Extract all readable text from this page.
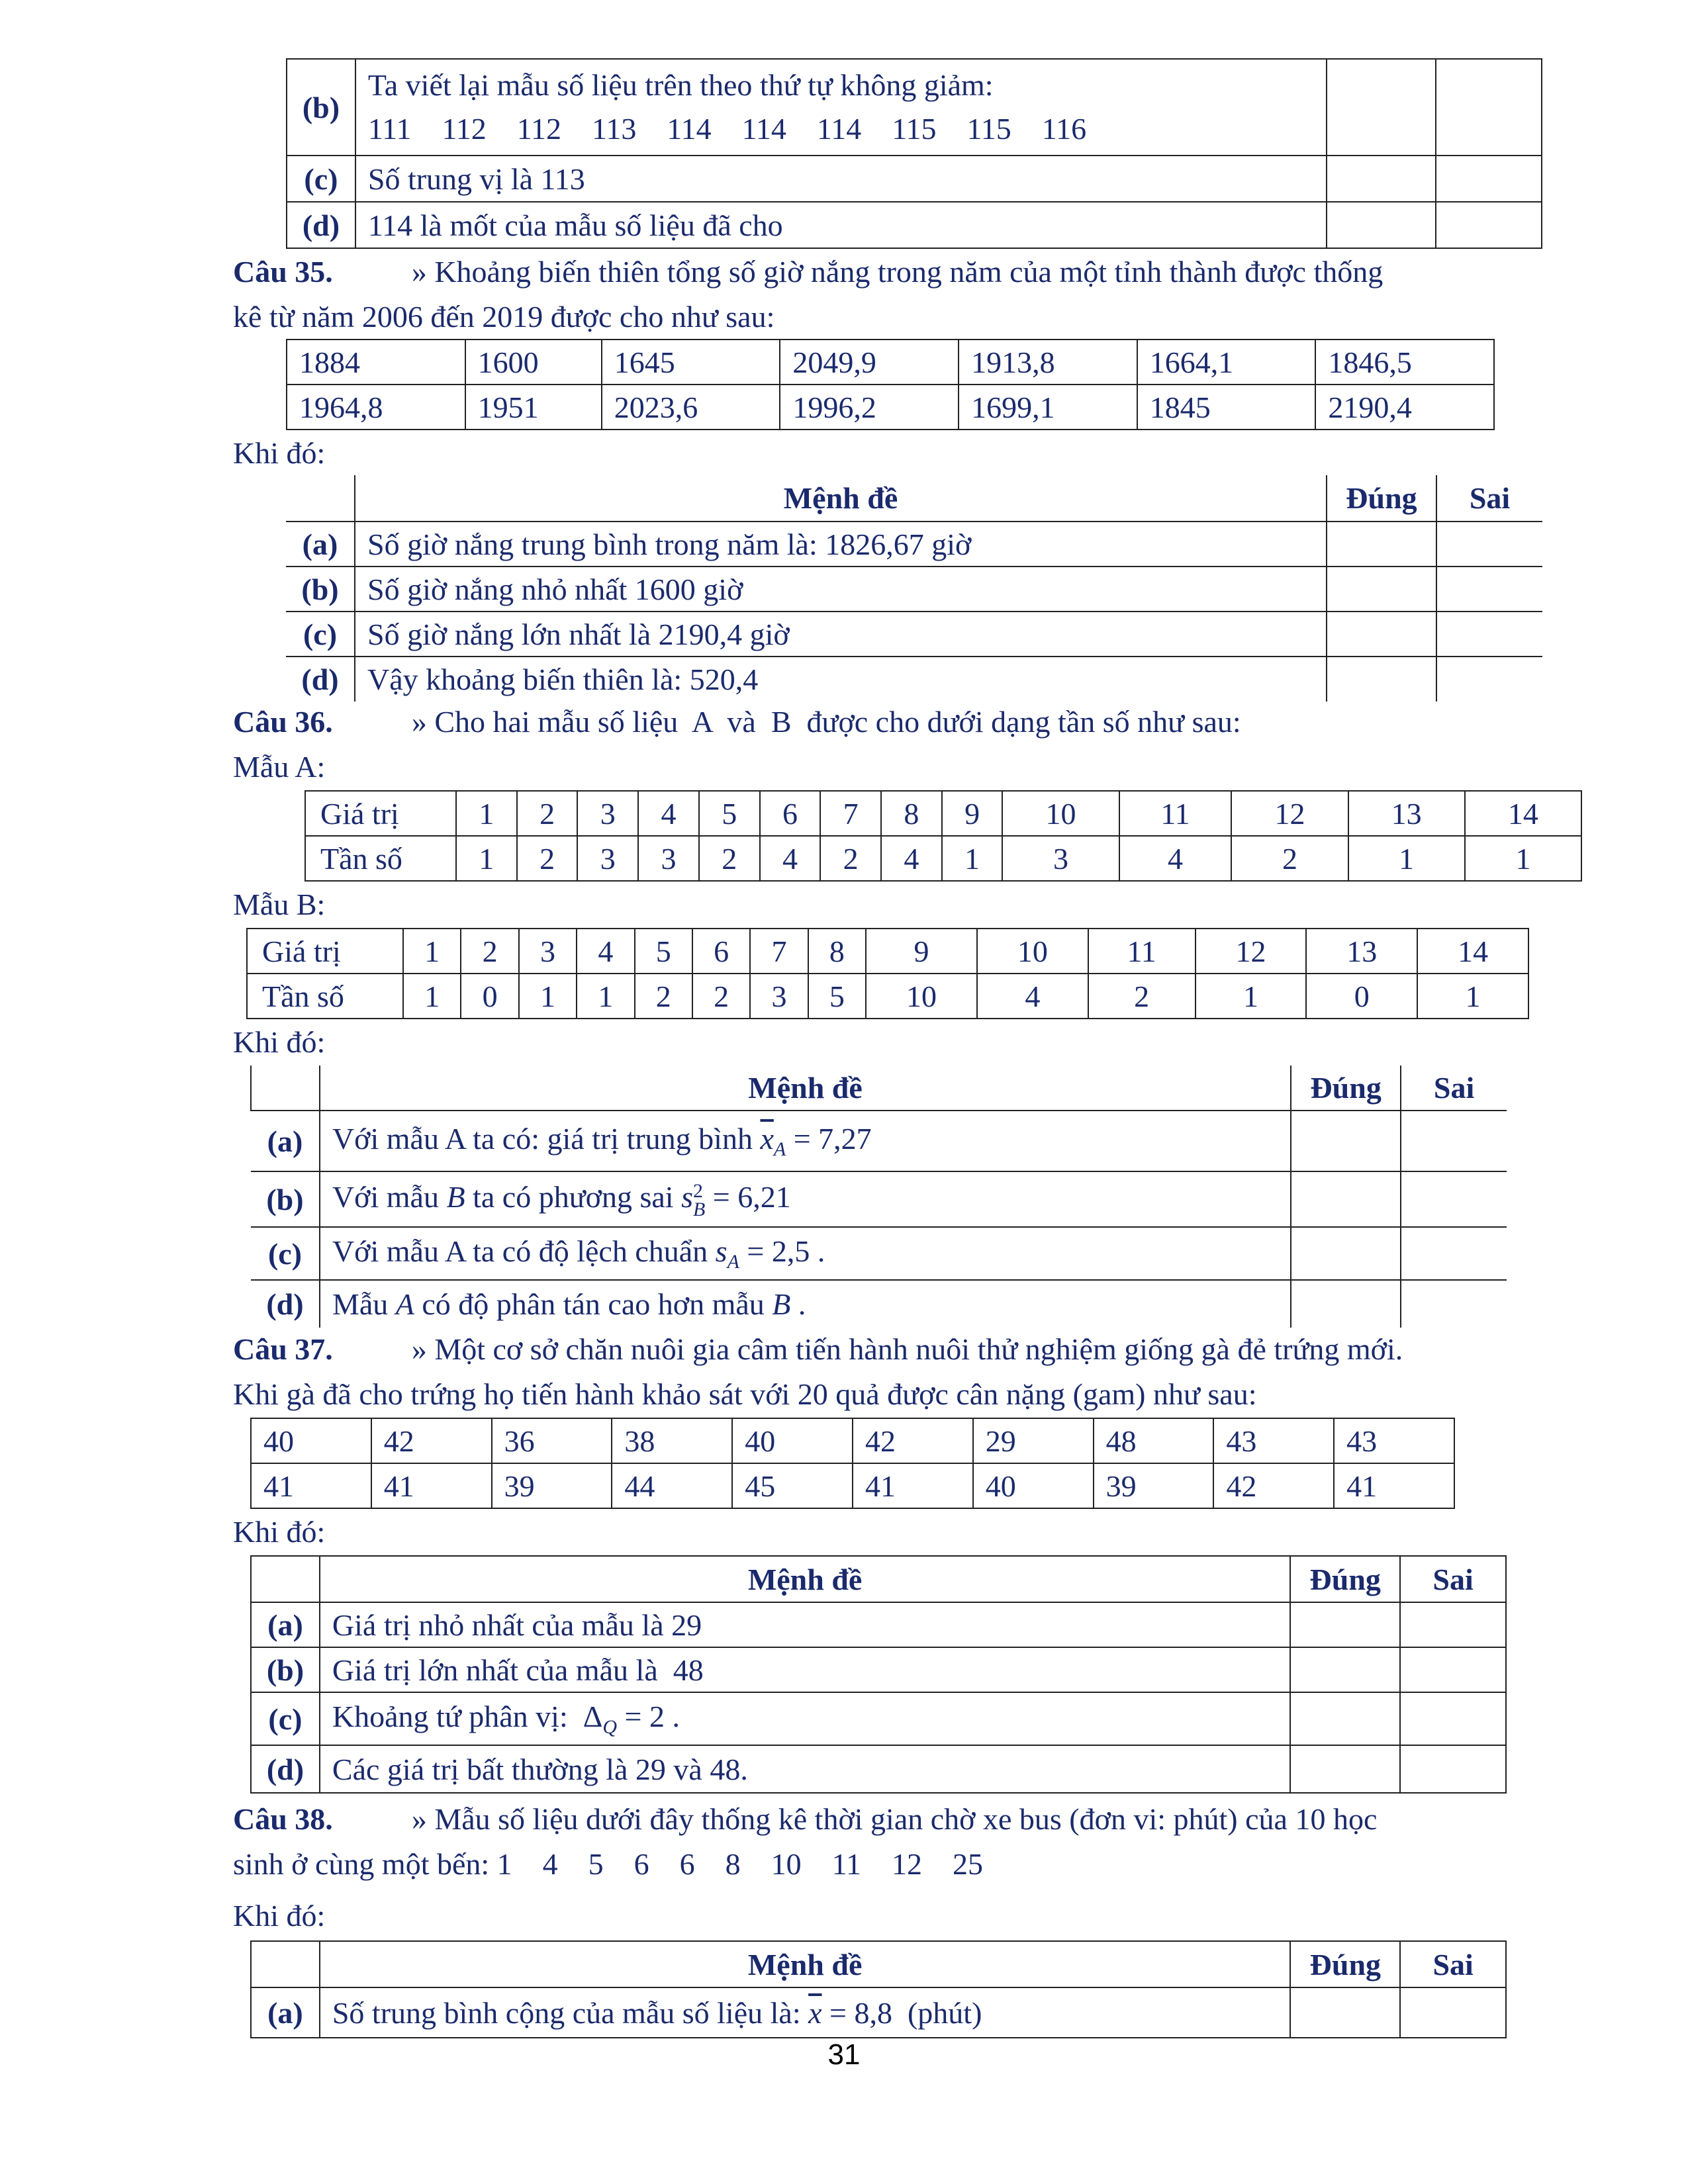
(b)	Ta viết lại mẫu số liệu trên theo thứ tự không giảm:
111    112    112    113    114    114    114    115    115    116		

(c)	Số trung vị là 113		
(d)	114 là mốt của mẫu số liệu đã cho		
Câu 35.	» Khoảng biến thiên tổng số giờ nắng trong năm của một tỉnh thành được thống
kê từ năm 2006 đến 2019 được cho như sau:
1884	1600	1645	2049,9	1913,8	1664,1	1846,5
1964,8	1951	2023,6	1996,2	1699,1	1845	2190,4
Khi đó:
	Mệnh đề	Đúng	Sai
(a)	Số giờ nắng trung bình trong năm là: 1826,67 giờ		
(b)	Số giờ nắng nhỏ nhất 1600 giờ		
(c)	Số giờ nắng lớn nhất là 2190,4 giờ		
(d)	Vậy khoảng biến thiên là: 520,4		
Câu 36.	» Cho hai mẫu số liệu  A  và  B  được cho dưới dạng tần số như sau:
Mẫu A:
Giá trị	1	2	3	4	5	6	7	8	9	10	11	12	13	14
Tần số	1	2	3	3	2	4	2	4	1	3	4	2	1	1
Mẫu B:
Giá trị	1	2	3	4	5	6	7	8	9	10	11	12	13	14
Tần số	1	0	1	1	2	2	3	5	10	4	2	1	0	1
Khi đó:
	Mệnh đề	Đúng	Sai
(a)	Với mẫu A ta có: giá trị trung bình $\overline{x}_A = 7,27$		
(b)	Với mẫu B ta có phương sai s 2
B = 6,21		
(c)	Với mẫu A ta có độ lệch chuẩn $s_A = 2,5$ .		
(d)	Mẫu A có độ phân tán cao hơn mẫu B .		
Câu 37.	» Một cơ sở chăn nuôi gia câm tiến hành nuôi thử nghiệm giống gà đẻ trứng mới.
Khi gà đã cho trứng họ tiến hành khảo sát với 20 quả được cân nặng (gam) như sau:
40	42	36	38	40	42	29	48	43	43
41	41	39	44	45	41	40	39	42	41
Khi đó:
	Mệnh đề	Đúng	Sai
(a)	Giá trị nhỏ nhất của mẫu là 29		
(b)	Giá trị lớn nhất của mẫu là  48		
(c)	Khoảng tứ phân vị:  $\Delta_Q = 2$ .		
(d)	Các giá trị bất thường là 29 và 48.		
Câu 38.	» Mẫu số liệu dưới đây thống kê thời gian chờ xe bus (đơn vi: phút) của 10 học
sinh ở cùng một bến: 1    4    5    6    6    8    10    11    12    25
Khi đó:
	Mệnh đề	Đúng	Sai
(a)	Số trung bình cộng của mẫu số liệu là: $\overline{x} = 8,8$  (phút)		
31
